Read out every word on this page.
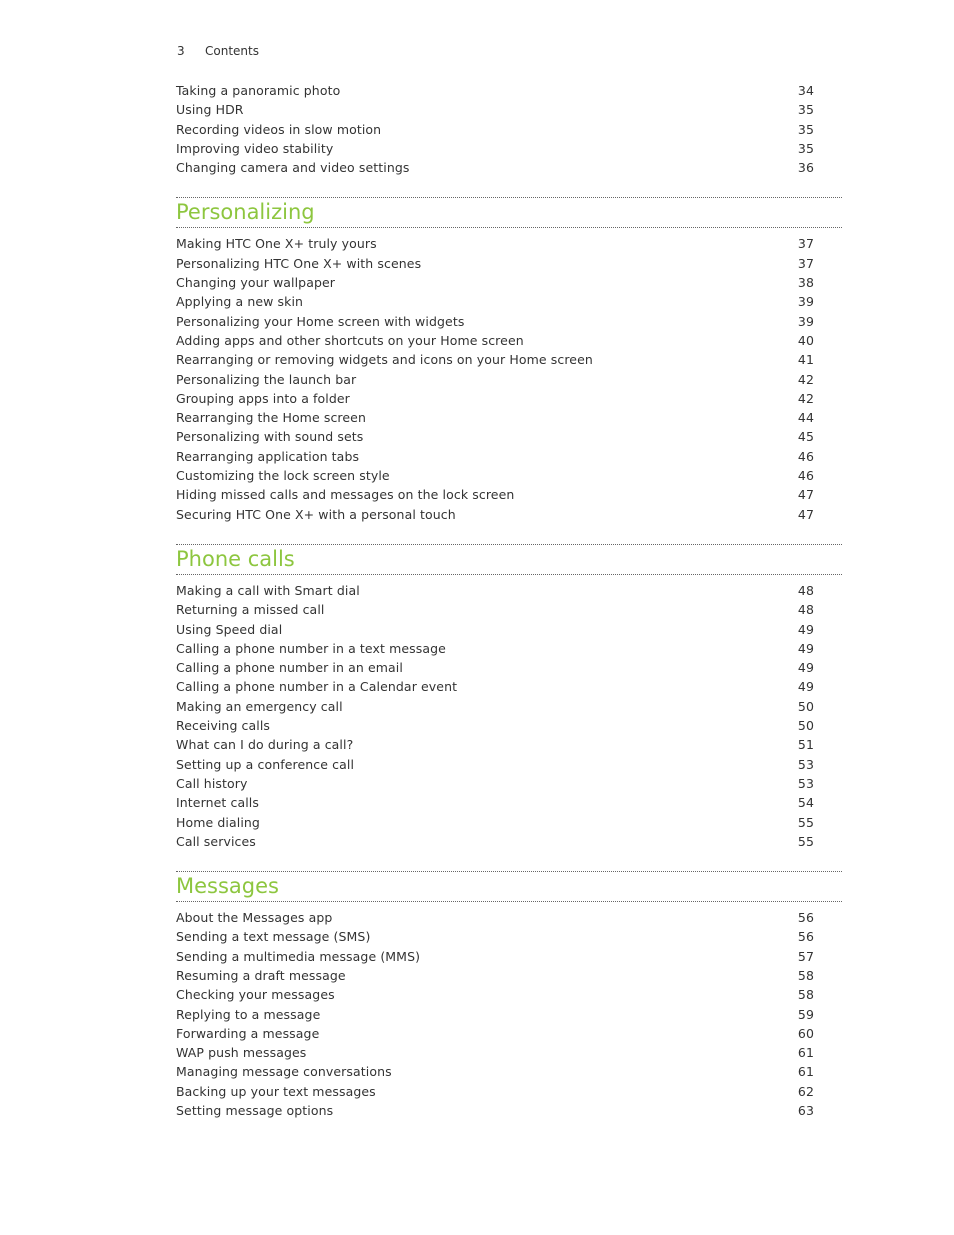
3 Contents
Taking a panoramic photo	34
Using HDR	35
Recording videos in slow motion	35
Improving video stability	35
Changing camera and video settings	36
Personalizing
Making HTC One X+ truly yours	37
Personalizing HTC One X+ with scenes	37
Changing your wallpaper	38
Applying a new skin	39
Personalizing your Home screen with widgets	39
Adding apps and other shortcuts on your Home screen	40
Rearranging or removing widgets and icons on your Home screen	41
Personalizing the launch bar	42
Grouping apps into a folder	42
Rearranging the Home screen	44
Personalizing with sound sets	45
Rearranging application tabs	46
Customizing the lock screen style	46
Hiding missed calls and messages on the lock screen	47
Securing HTC One X+ with a personal touch	47
Phone calls
Making a call with Smart dial	48
Returning a missed call	48
Using Speed dial	49
Calling a phone number in a text message	49
Calling a phone number in an email	49
Calling a phone number in a Calendar event	49
Making an emergency call	50
Receiving calls	50
What can I do during a call?	51
Setting up a conference call	53
Call history	53
Internet calls	54
Home dialing	55
Call services	55
Messages
About the Messages app	56
Sending a text message (SMS)	56
Sending a multimedia message (MMS)	57
Resuming a draft message	58
Checking your messages	58
Replying to a message	59
Forwarding a message	60
WAP push messages	61
Managing message conversations	61
Backing up your text messages	62
Setting message options	63
